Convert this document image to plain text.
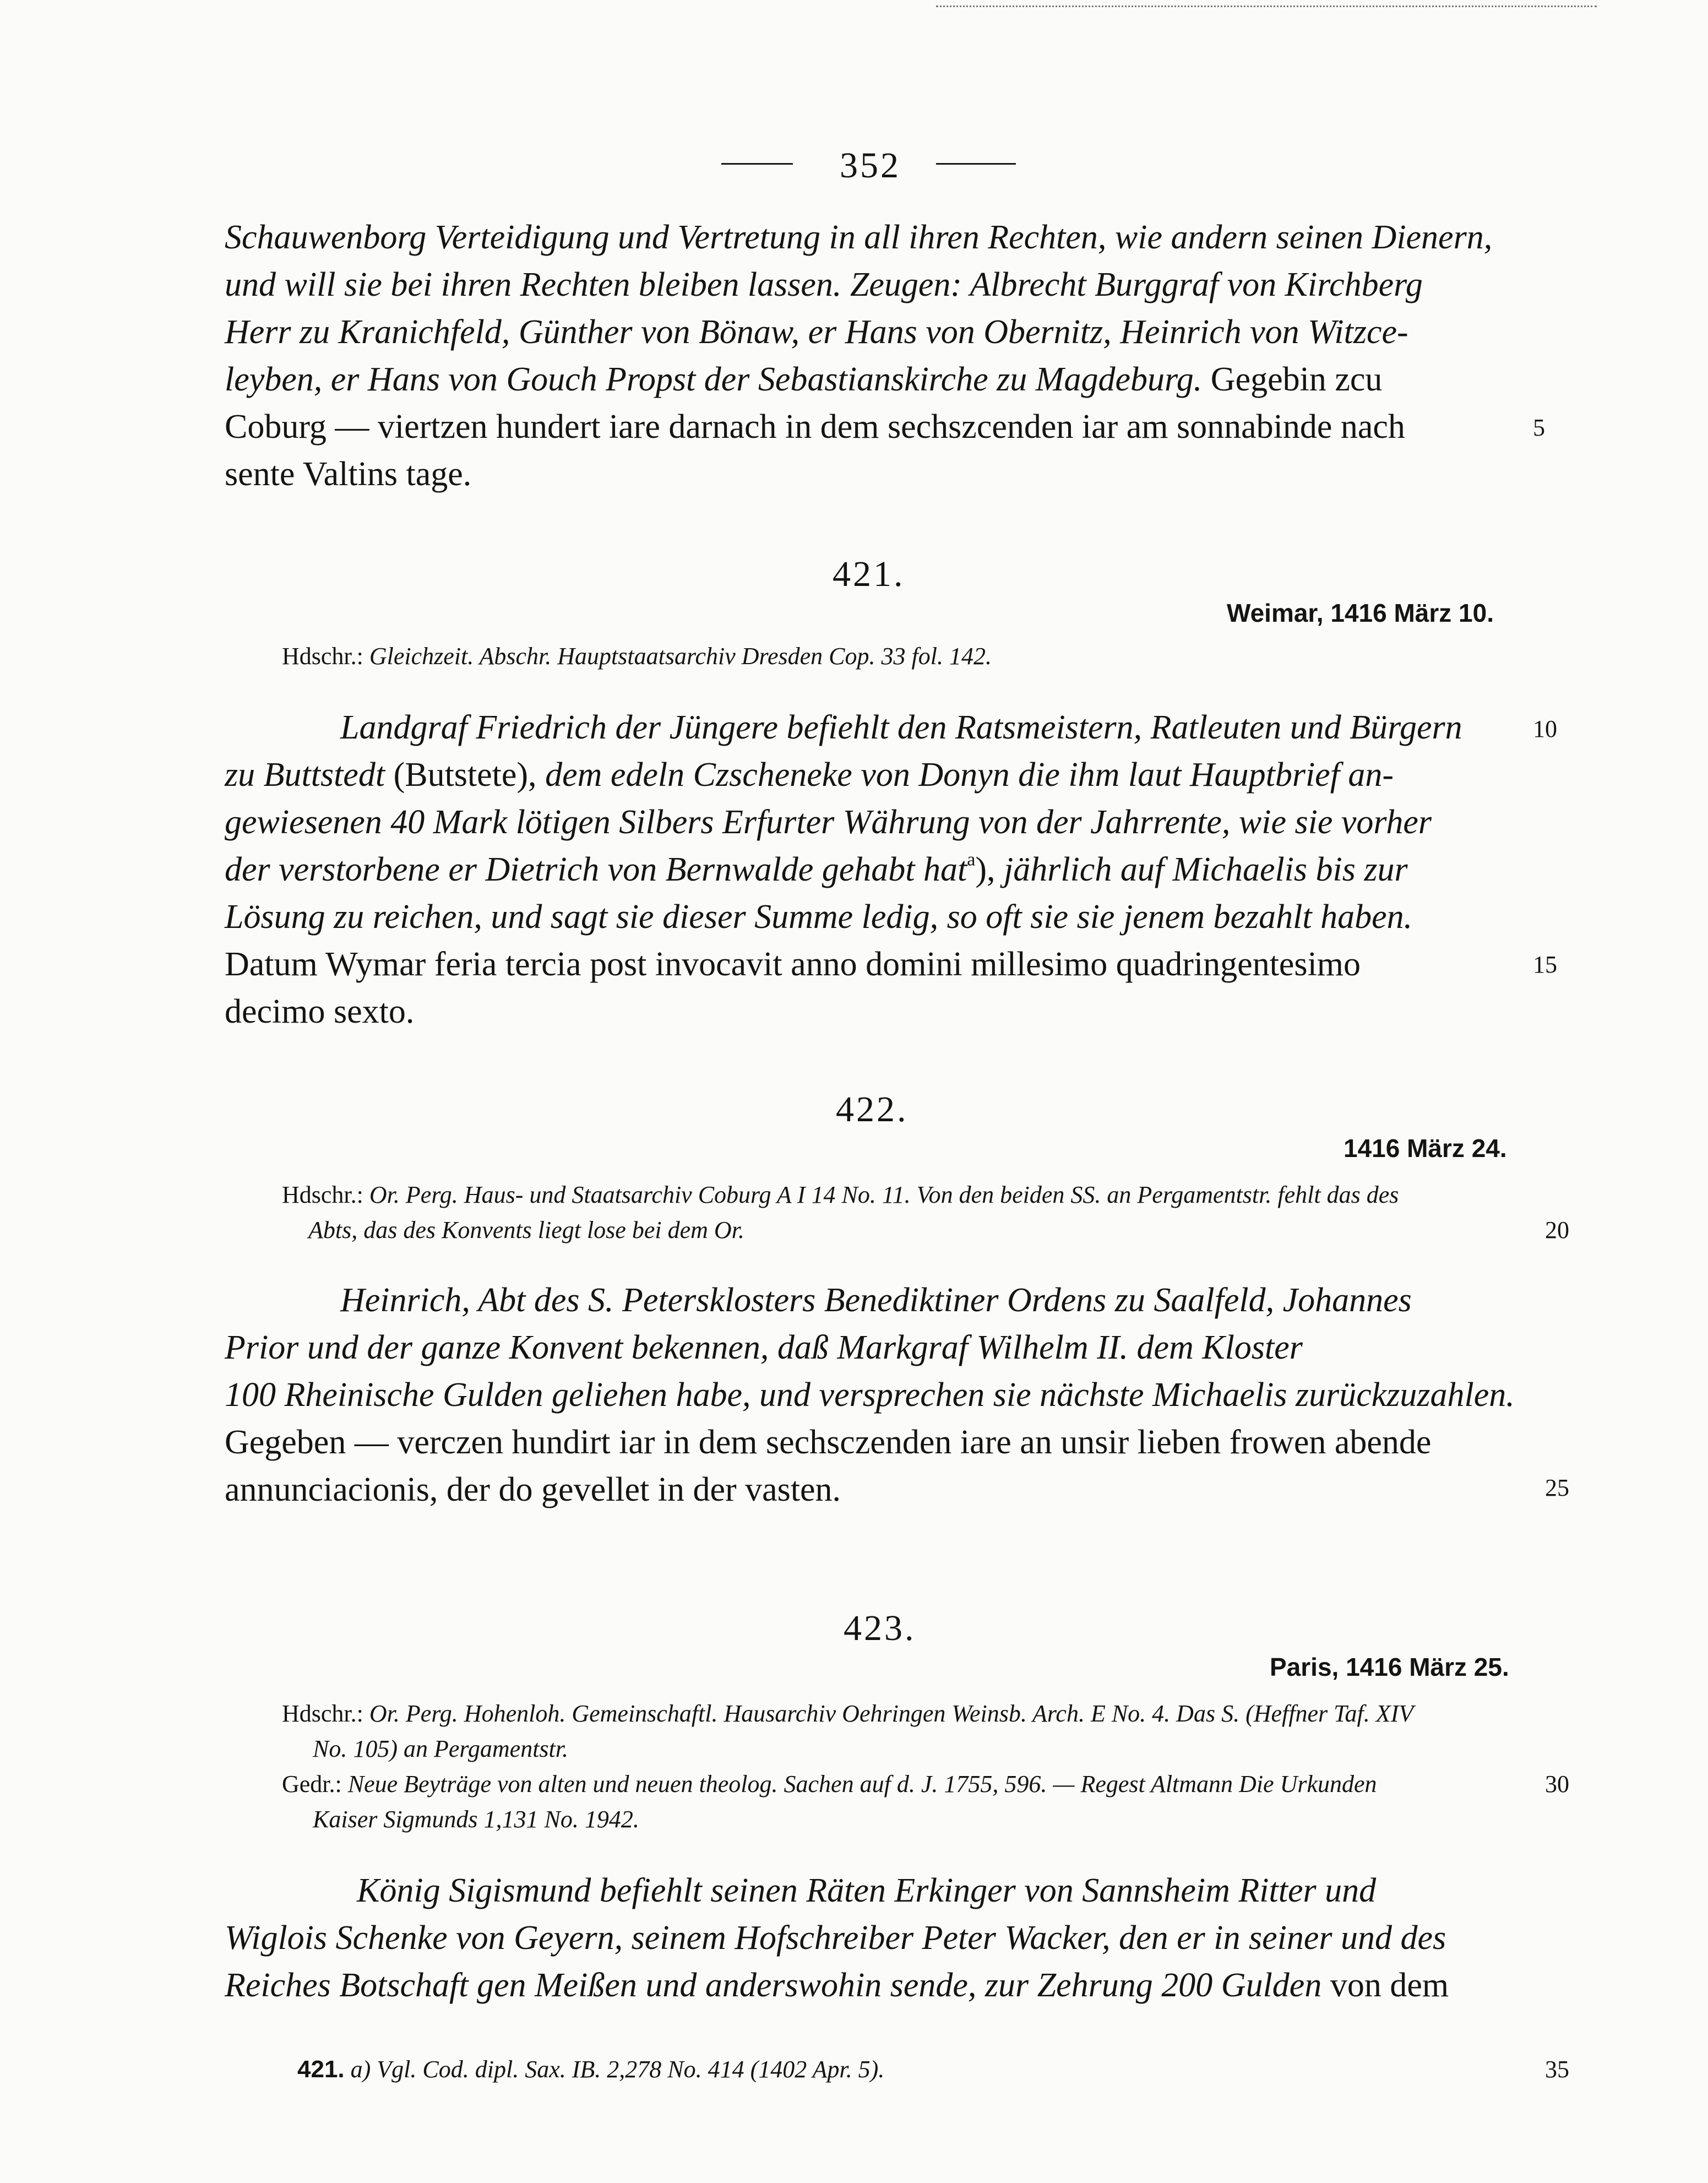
352
Schauwenborg Verteidigung und Vertretung in all ihren Rechten, wie andern seinen Dienern,
und will sie bei ihren Rechten bleiben lassen. Zeugen: Albrecht Burggraf von Kirchberg
Herr zu Kranichfeld, Günther von Bönaw, er Hans von Obernitz, Heinrich von Witzce-
leyben, er Hans von Gouch Propst der Sebastianskirche zu Magdeburg. Gegebin zcu
Coburg — viertzen hundert iare darnach in dem sechszcenden iar am sonnabinde nach	5
sente Valtins tage.
421.
Weimar, 1416 März 10.
Hdschr.: Gleichzeit. Abschr. Hauptstaatsarchiv Dresden Cop. 33 fol. 142.
Landgraf Friedrich der Jüngere befiehlt den Ratsmeistern, Ratleuten und Bürgern	10
zu Buttstedt (Butstete), dem edeln Czscheneke von Donyn die ihm laut Hauptbrief an-
gewiesenen 40 Mark lötigen Silbers Erfurter Währung von der Jahrrente, wie sie vorher
der verstorbene er Dietrich von Bernwalde gehabt hat$^a$), jährlich auf Michaelis bis zur
Lösung zu reichen, und sagt sie dieser Summe ledig, so oft sie sie jenem bezahlt haben.
Datum Wymar feria tercia post invocavit anno domini millesimo quadringentesimo	15
decimo sexto.
422.
1416 März 24.
Hdschr.: Or. Perg. Haus- und Staatsarchiv Coburg A I 14 No. 11. Von den beiden SS. an Pergamentstr. fehlt das des
Abts, das des Konvents liegt lose bei dem Or.	20
Heinrich, Abt des S. Petersklosters Benediktiner Ordens zu Saalfeld, Johannes
Prior und der ganze Konvent bekennen, daß Markgraf Wilhelm II. dem Kloster
100 Rheinische Gulden geliehen habe, und versprechen sie nächste Michaelis zurückzuzahlen.
Gegeben — verczen hundirt iar in dem sechsczenden iare an unsir lieben frowen abende
annunciacionis, der do gevellet in der vasten.	25
423.
Paris, 1416 März 25.
Hdschr.: Or. Perg. Hohenloh. Gemeinschaftl. Hausarchiv Oehringen Weinsb. Arch. E No. 4. Das S. (Heffner Taf. XIV
No. 105) an Pergamentstr.
Gedr.: Neue Beyträge von alten und neuen theolog. Sachen auf d. J. 1755, 596. — Regest Altmann Die Urkunden	30
Kaiser Sigmunds 1,131 No. 1942.
König Sigismund befiehlt seinen Räten Erkinger von Sannsheim Ritter und
Wiglois Schenke von Geyern, seinem Hofschreiber Peter Wacker, den er in seiner und des
Reiches Botschaft gen Meißen und anderswohin sende, zur Zehrung 200 Gulden von dem
421. a) Vgl. Cod. dipl. Sax. IB. 2,278 No. 414 (1402 Apr. 5).	35
